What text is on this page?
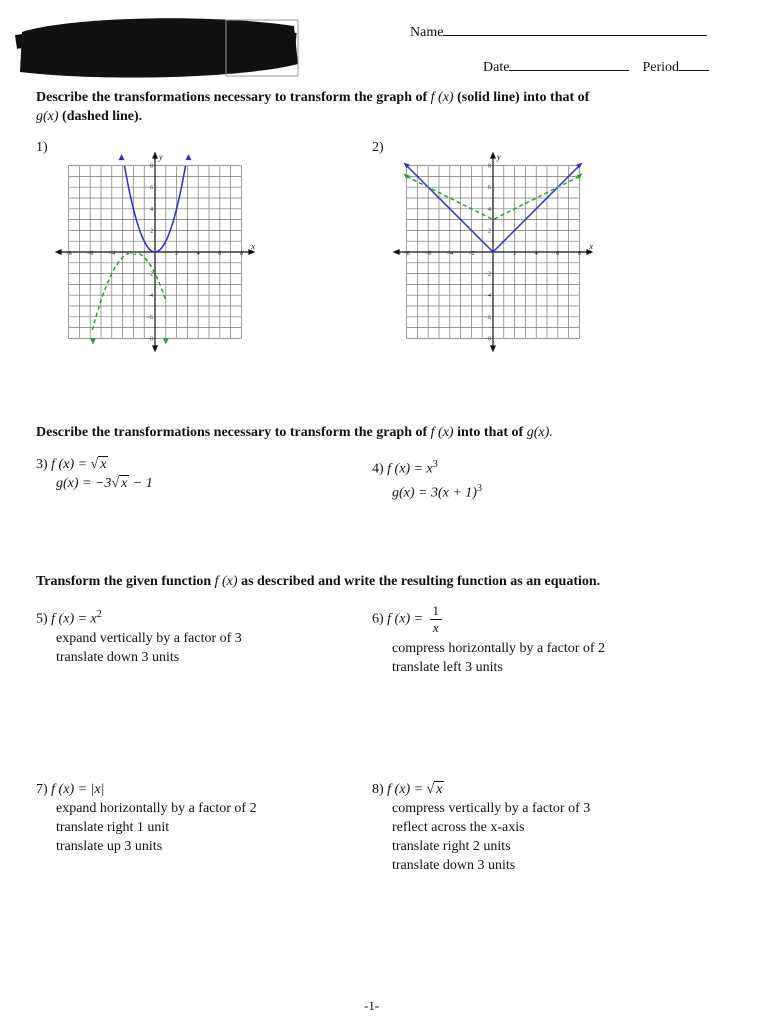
Name
Date	Period
Describe the transformations necessary to transform the graph of f (x) (solid line) into that of
g(x) (dashed line).
1)	2)
x
y
−8	−6	−4	−2	2	4	6	8
8
6
4
2
−2
−4
−6
−8
x
y
−8	−6	−4	−2	2	4	6	8
8
6
4
2
−2
−4
−6
−8
Describe the transformations necessary to transform the graph of f (x) into that of g(x).
3) f (x) = √ x
g(x) = −3√ x − 1
4) f $(x) = x^3$
$g(x) = 3(x + 1)^3$
Transform the given function f (x) as described and write the resulting function as an equation.
5) f $(x) = x^2$
expand vertically by a factor of 3
translate down 3 units
6) f $(x) = \frac{1}{x}$
compress horizontally by a factor of 2
translate left 3 units
7) f (x) = |x|
expand horizontally by a factor of 2
translate right 1 unit
translate up 3 units
8) f (x) = √ x
compress vertically by a factor of 3
reflect across the x-axis
translate right 2 units
translate down 3 units
-1-
